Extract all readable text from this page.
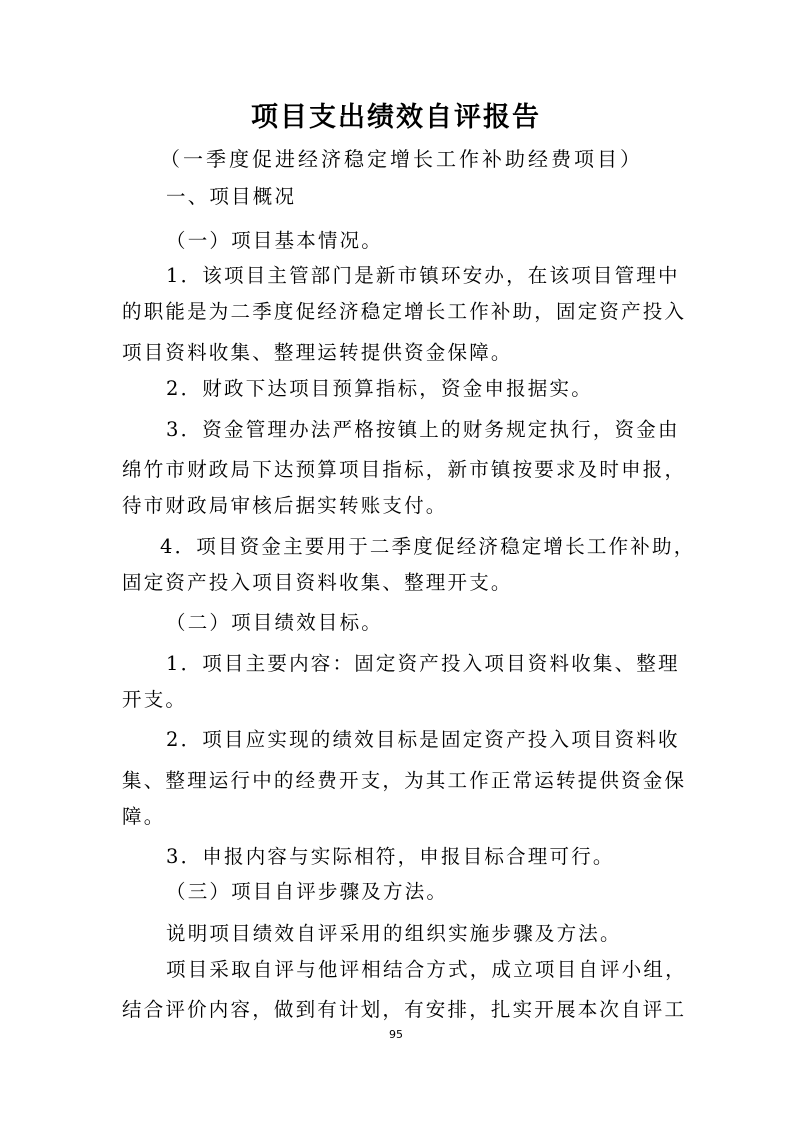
项目支出绩效自评报告
（一季度促进经济稳定增长工作补助经费项目）
一、项目概况
（一）项目基本情况。
1．该项目主管部门是新市镇环安办，在该项目管理中
的职能是为二季度促经济稳定增长工作补助，固定资产投入
项目资料收集、整理运转提供资金保障。
2．财政下达项目预算指标，资金申报据实。
3．资金管理办法严格按镇上的财务规定执行，资金由
绵竹市财政局下达预算项目指标，新市镇按要求及时申报，
待市财政局审核后据实转账支付。
4．项目资金主要用于二季度促经济稳定增长工作补助，
固定资产投入项目资料收集、整理开支。
（二）项目绩效目标。
1．项目主要内容：固定资产投入项目资料收集、整理
开支。
2．项目应实现的绩效目标是固定资产投入项目资料收
集、整理运行中的经费开支，为其工作正常运转提供资金保
障。
3．申报内容与实际相符，申报目标合理可行。
（三）项目自评步骤及方法。
说明项目绩效自评采用的组织实施步骤及方法。
项目采取自评与他评相结合方式，成立项目自评小组，
结合评价内容，做到有计划，有安排，扎实开展本次自评工
95
